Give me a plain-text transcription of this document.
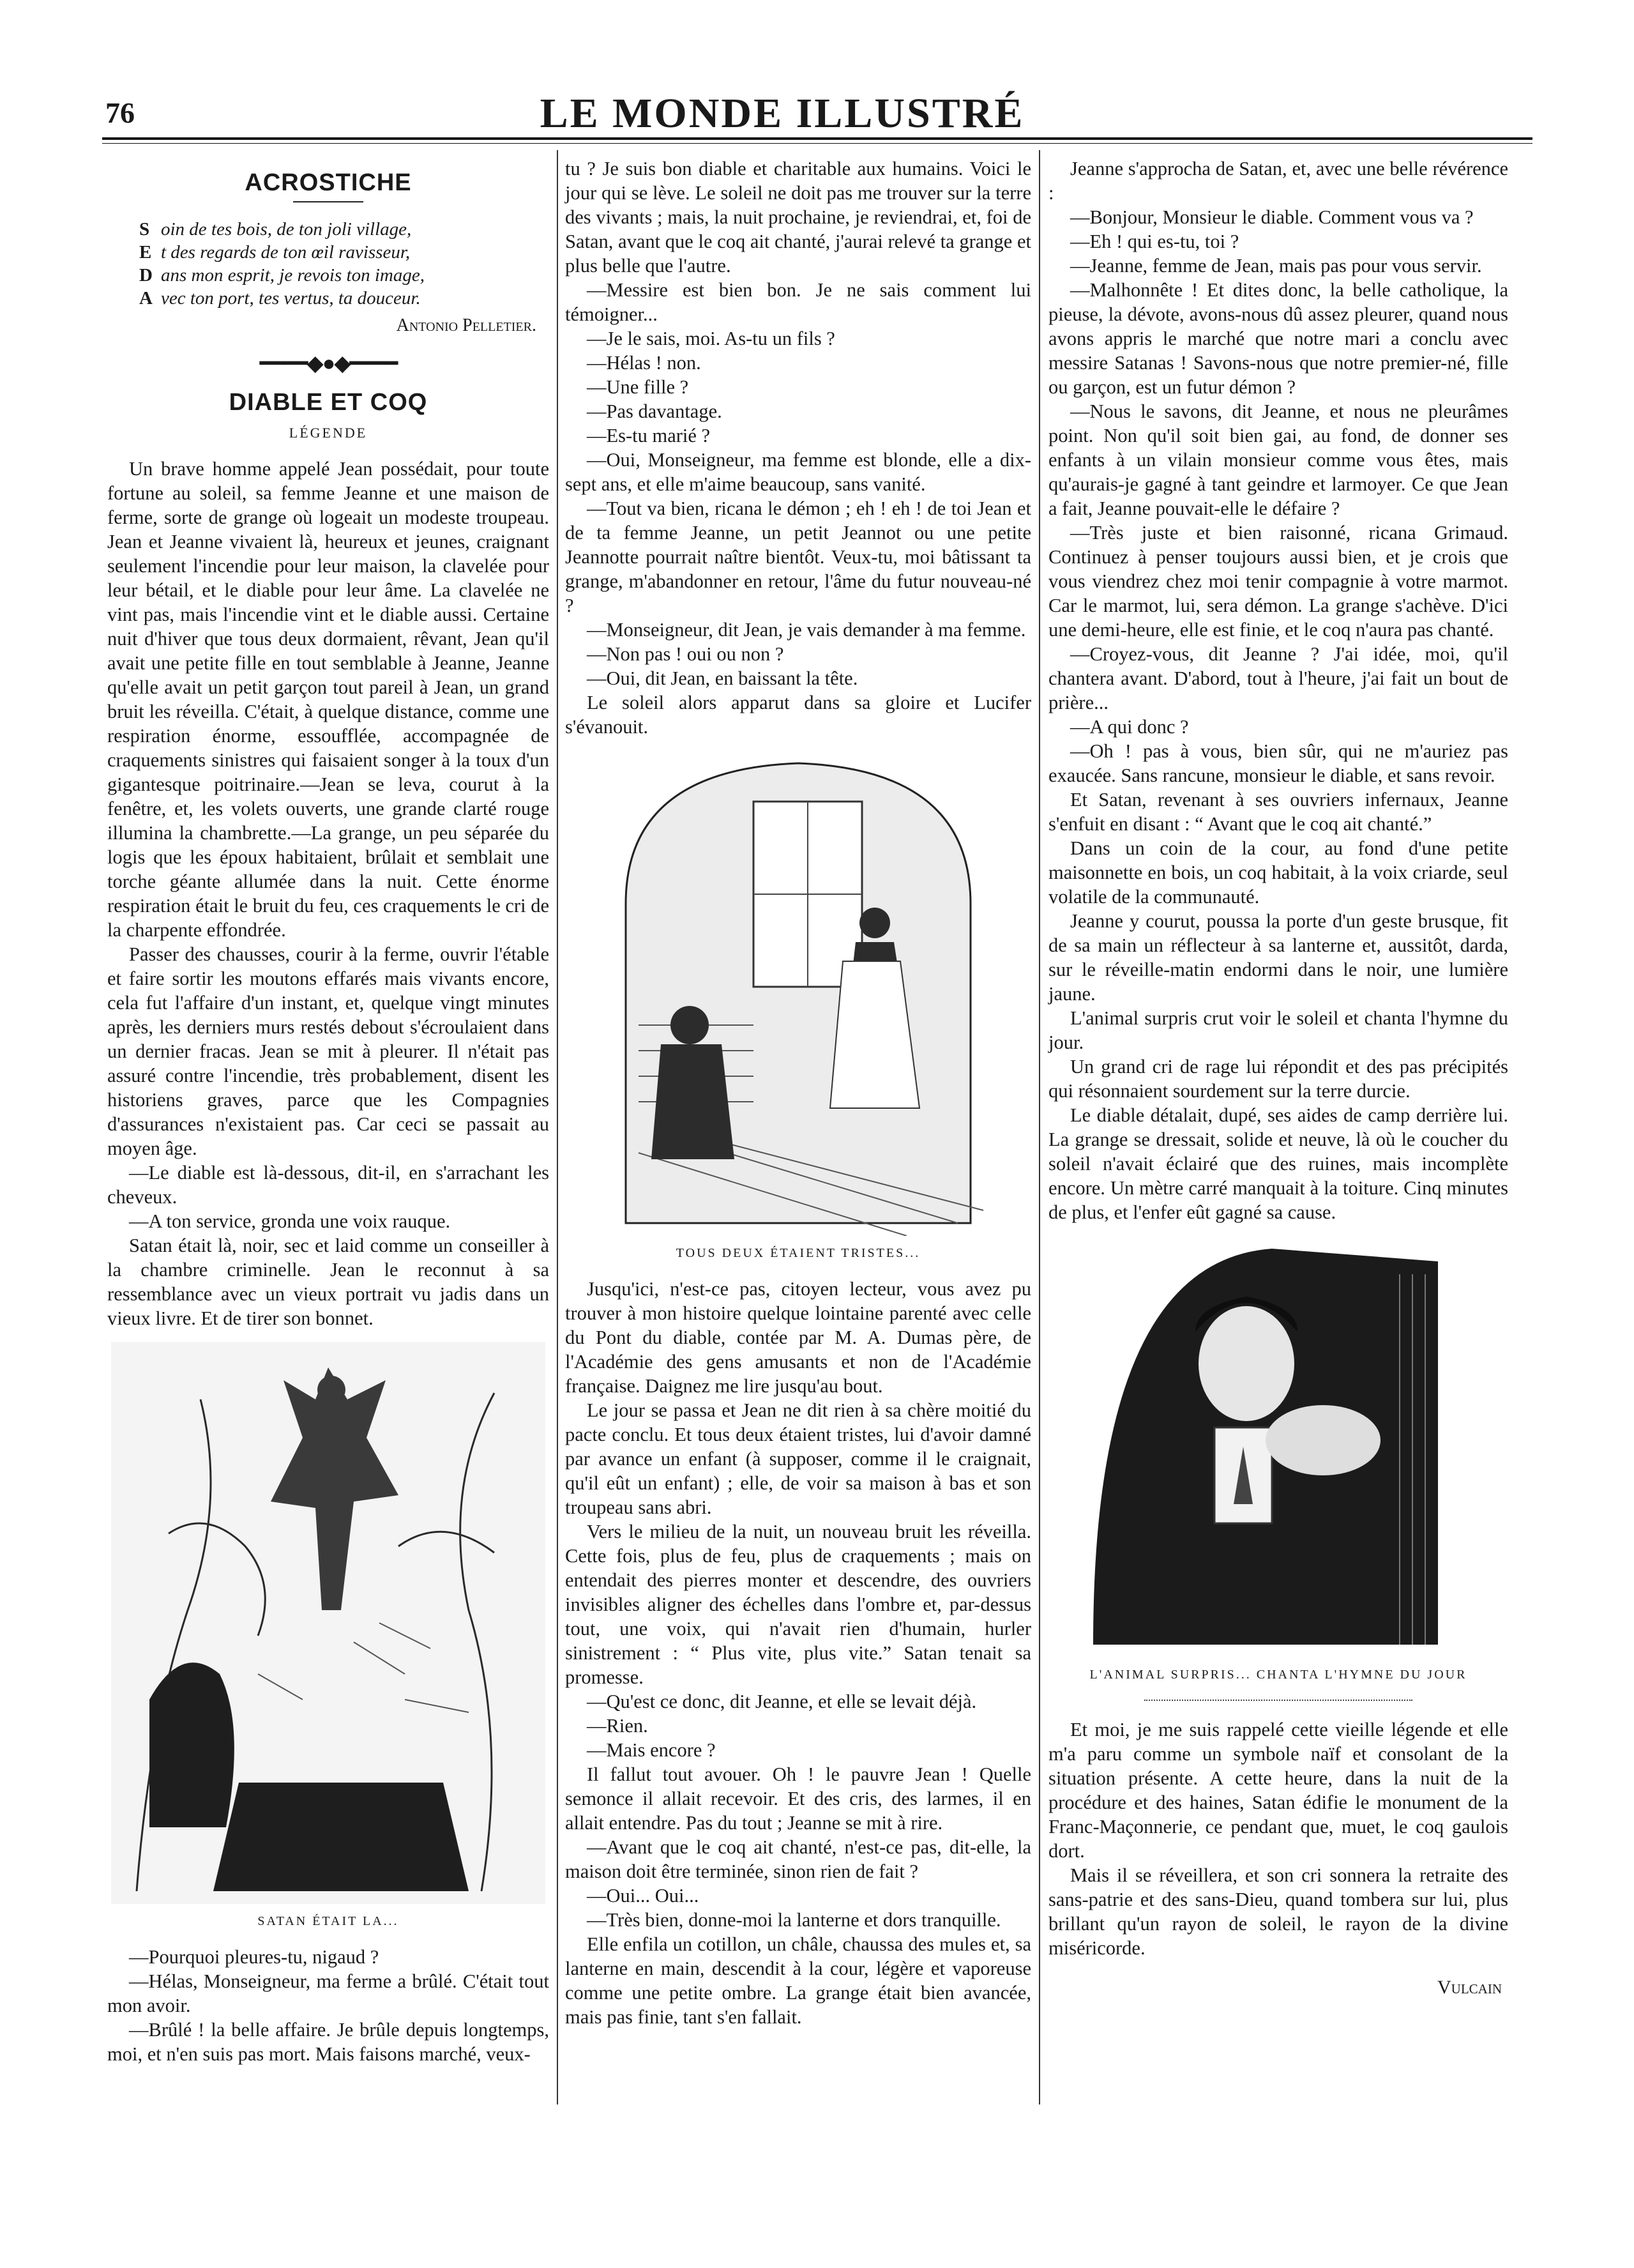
76	LE MONDE ILLUSTRÉ
ACROSTICHE
S oin de tes bois, de ton joli village,
E t des regards de ton œil ravisseur,
D ans mon esprit, je revois ton image,
A vec ton port, tes vertus, ta douceur.
Antonio Pelletier.
━━━━◆●◆━━━━
DIABLE ET COQ
LÉGENDE

Un brave homme appelé Jean possédait, pour toute fortune au soleil, sa femme Jeanne et une maison de ferme, sorte de grange où logeait un modeste troupeau. Jean et Jeanne vivaient là, heureux et jeunes, craignant seulement l'incendie pour leur maison, la clavelée pour leur bétail, et le diable pour leur âme. La clavelée ne vint pas, mais l'incendie vint et le diable aussi. Certaine nuit d'hiver que tous deux dormaient, rêvant, Jean qu'il avait une petite fille en tout semblable à Jeanne, Jeanne qu'elle avait un petit garçon tout pareil à Jean, un grand bruit les réveilla. C'était, à quelque distance, comme une respiration énorme, essoufflée, accompagnée de craquements sinistres qui faisaient songer à la toux d'un gigantesque poitrinaire.—Jean se leva, courut à la fenêtre, et, les volets ouverts, une grande clarté rouge illumina la chambrette.—La grange, un peu séparée du logis que les époux habitaient, brûlait et semblait une torche géante allumée dans la nuit. Cette énorme respiration était le bruit du feu, ces craquements le cri de la charpente effondrée.

Passer des chausses, courir à la ferme, ouvrir l'étable et faire sortir les moutons effarés mais vivants encore, cela fut l'affaire d'un instant, et, quelque vingt minutes après, les derniers murs restés debout s'écroulaient dans un dernier fracas. Jean se mit à pleurer. Il n'était pas assuré contre l'incendie, très probablement, disent les historiens graves, parce que les Compagnies d'assurances n'existaient pas. Car ceci se passait au moyen âge.

—Le diable est là-dessous, dit-il, en s'arrachant les cheveux.

—A ton service, gronda une voix rauque.

Satan était là, noir, sec et laid comme un conseiller à la chambre criminelle. Jean le reconnut à sa ressemblance avec un vieux portrait vu jadis dans un vieux livre. Et de tirer son bonnet.

SATAN ÉTAIT LA...

—Pourquoi pleures-tu, nigaud ?

—Hélas, Monseigneur, ma ferme a brûlé. C'était tout mon avoir.

—Brûlé ! la belle affaire. Je brûle depuis longtemps, moi, et n'en suis pas mort. Mais faisons marché, veux-

tu ? Je suis bon diable et charitable aux humains. Voici le jour qui se lève. Le soleil ne doit pas me trouver sur la terre des vivants ; mais, la nuit prochaine, je reviendrai, et, foi de Satan, avant que le coq ait chanté, j'aurai relevé ta grange et plus belle que l'autre.

—Messire est bien bon. Je ne sais comment lui témoigner...

—Je le sais, moi. As-tu un fils ?

—Hélas ! non.

—Une fille ?

—Pas davantage.

—Es-tu marié ?

—Oui, Monseigneur, ma femme est blonde, elle a dix-sept ans, et elle m'aime beaucoup, sans vanité.

—Tout va bien, ricana le démon ; eh ! eh ! de toi Jean et de ta femme Jeanne, un petit Jeannot ou une petite Jeannotte pourrait naître bientôt. Veux-tu, moi bâtissant ta grange, m'abandonner en retour, l'âme du futur nouveau-né ?

—Monseigneur, dit Jean, je vais demander à ma femme.

—Non pas ! oui ou non ?

—Oui, dit Jean, en baissant la tête.

Le soleil alors apparut dans sa gloire et Lucifer s'évanouit.

TOUS DEUX ÉTAIENT TRISTES...

Jusqu'ici, n'est-ce pas, citoyen lecteur, vous avez pu trouver à mon histoire quelque lointaine parenté avec celle du Pont du diable, contée par M. A. Dumas père, de l'Académie des gens amusants et non de l'Académie française. Daignez me lire jusqu'au bout.

Le jour se passa et Jean ne dit rien à sa chère moitié du pacte conclu. Et tous deux étaient tristes, lui d'avoir damné par avance un enfant (à supposer, comme il le craignait, qu'il eût un enfant) ; elle, de voir sa maison à bas et son troupeau sans abri.

Vers le milieu de la nuit, un nouveau bruit les réveilla. Cette fois, plus de feu, plus de craquements ; mais on entendait des pierres monter et descendre, des ouvriers invisibles aligner des échelles dans l'ombre et, par-dessus tout, une voix, qui n'avait rien d'humain, hurler sinistrement : “ Plus vite, plus vite.” Satan tenait sa promesse.

—Qu'est ce donc, dit Jeanne, et elle se levait déjà.

—Rien.

—Mais encore ?

Il fallut tout avouer. Oh ! le pauvre Jean ! Quelle semonce il allait recevoir. Et des cris, des larmes, il en allait entendre. Pas du tout ; Jeanne se mit à rire.

—Avant que le coq ait chanté, n'est-ce pas, dit-elle, la maison doit être terminée, sinon rien de fait ?

—Oui... Oui...

—Très bien, donne-moi la lanterne et dors tranquille.

Elle enfila un cotillon, un châle, chaussa des mules et, sa lanterne en main, descendit à la cour, légère et vaporeuse comme une petite ombre. La grange était bien avancée, mais pas finie, tant s'en fallait.

Jeanne s'approcha de Satan, et, avec une belle révérence :

—Bonjour, Monsieur le diable. Comment vous va ?

—Eh ! qui es-tu, toi ?

—Jeanne, femme de Jean, mais pas pour vous servir.

—Malhonnête ! Et dites donc, la belle catholique, la pieuse, la dévote, avons-nous dû assez pleurer, quand nous avons appris le marché que notre mari a conclu avec messire Satanas ! Savons-nous que notre premier-né, fille ou garçon, est un futur démon ?

—Nous le savons, dit Jeanne, et nous ne pleurâmes point. Non qu'il soit bien gai, au fond, de donner ses enfants à un vilain monsieur comme vous êtes, mais qu'aurais-je gagné à tant geindre et larmoyer. Ce que Jean a fait, Jeanne pouvait-elle le défaire ?

—Très juste et bien raisonné, ricana Grimaud. Continuez à penser toujours aussi bien, et je crois que vous viendrez chez moi tenir compagnie à votre marmot. Car le marmot, lui, sera démon. La grange s'achève. D'ici une demi-heure, elle est finie, et le coq n'aura pas chanté.

—Croyez-vous, dit Jeanne ? J'ai idée, moi, qu'il chantera avant. D'abord, tout à l'heure, j'ai fait un bout de prière...

—A qui donc ?

—Oh ! pas à vous, bien sûr, qui ne m'auriez pas exaucée. Sans rancune, monsieur le diable, et sans revoir.

Et Satan, revenant à ses ouvriers infernaux, Jeanne s'enfuit en disant : “ Avant que le coq ait chanté.”

Dans un coin de la cour, au fond d'une petite maisonnette en bois, un coq habitait, à la voix criarde, seul volatile de la communauté.

Jeanne y courut, poussa la porte d'un geste brusque, fit de sa main un réflecteur à sa lanterne et, aussitôt, darda, sur le réveille-matin endormi dans le noir, une lumière jaune.

L'animal surpris crut voir le soleil et chanta l'hymne du jour.

Un grand cri de rage lui répondit et des pas précipités qui résonnaient sourdement sur la terre durcie.

Le diable détalait, dupé, ses aides de camp derrière lui. La grange se dressait, solide et neuve, là où le coucher du soleil n'avait éclairé que des ruines, mais incomplète encore. Un mètre carré manquait à la toiture. Cinq minutes de plus, et l'enfer eût gagné sa cause.

L'ANIMAL SURPRIS... CHANTA L'HYMNE DU JOUR

Et moi, je me suis rappelé cette vieille légende et elle m'a paru comme un symbole naïf et consolant de la situation présente. A cette heure, dans la nuit de la procédure et des haines, Satan édifie le monument de la Franc-Maçonnerie, ce pendant que, muet, le coq gaulois dort.

Mais il se réveillera, et son cri sonnera la retraite des sans-patrie et des sans-Dieu, quand tombera sur lui, plus brillant qu'un rayon de soleil, le rayon de la divine miséricorde.

Vulcain
